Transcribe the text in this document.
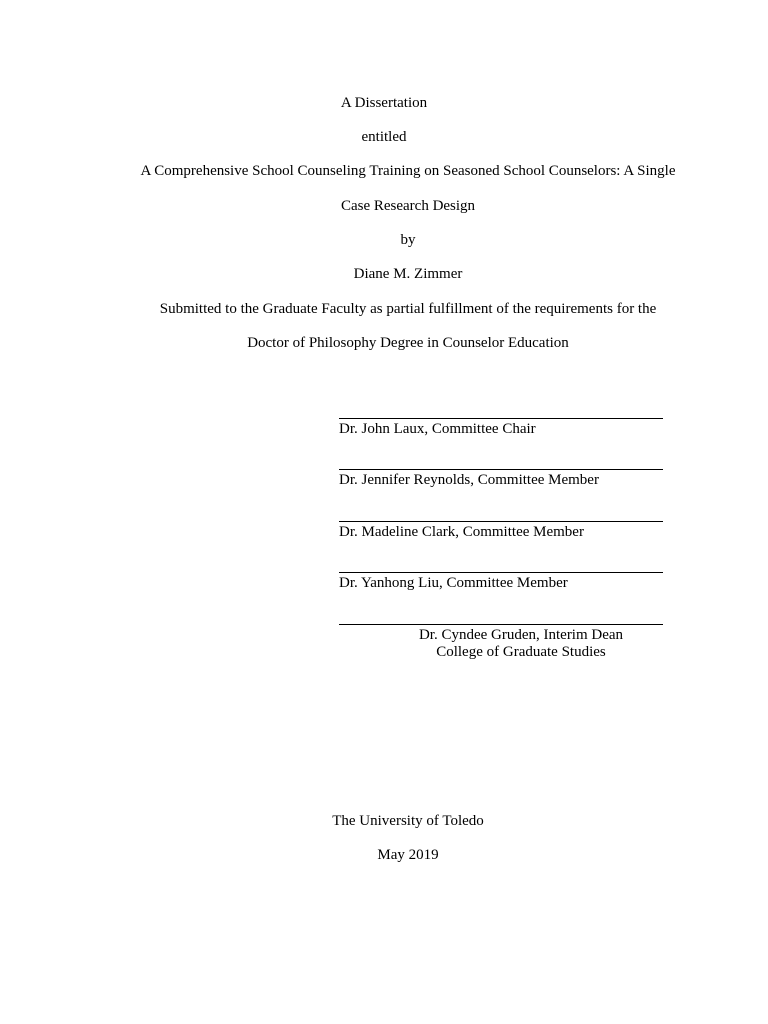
A Dissertation
entitled
A Comprehensive School Counseling Training on Seasoned School Counselors: A Single
Case Research Design
by
Diane M. Zimmer
Submitted to the Graduate Faculty as partial fulfillment of the requirements for the
Doctor of Philosophy Degree in Counselor Education
Dr. John Laux, Committee Chair
Dr. Jennifer Reynolds, Committee Member
Dr. Madeline Clark, Committee Member
Dr. Yanhong Liu, Committee Member
Dr. Cyndee Gruden, Interim Dean
College of Graduate Studies
The University of Toledo
May 2019
